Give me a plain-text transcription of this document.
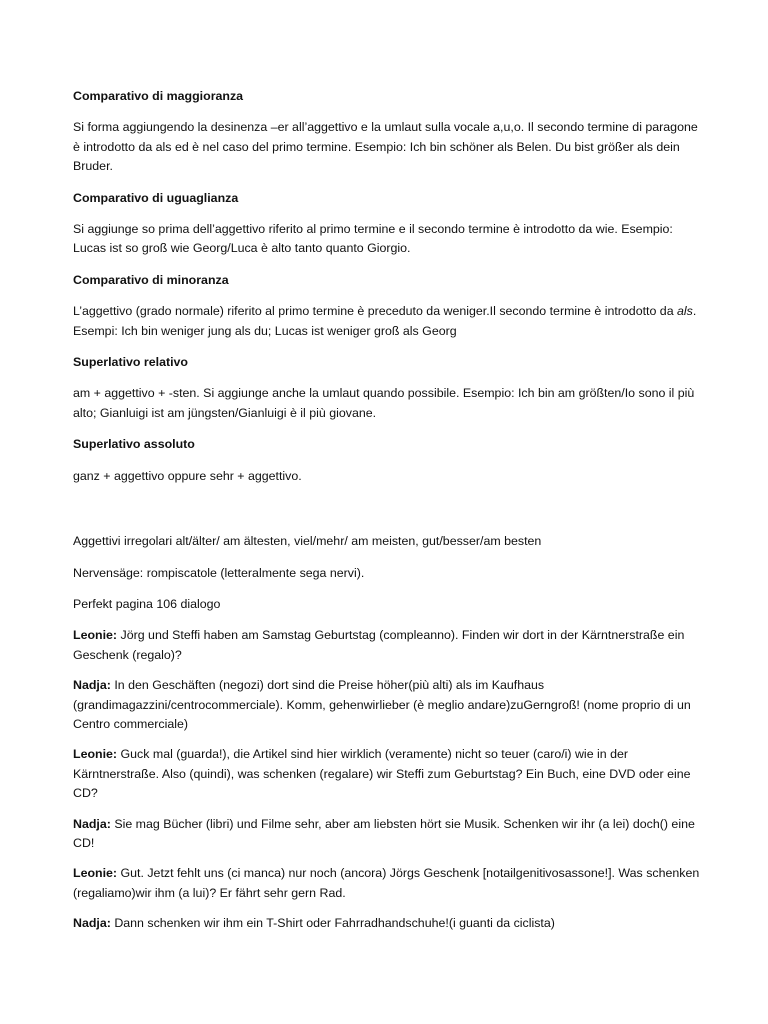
Comparativo di maggioranza
Si forma aggiungendo la desinenza –er all’aggettivo e la umlaut sulla vocale a,u,o. Il secondo termine di paragone è introdotto da als ed è nel caso del primo termine. Esempio: Ich bin schöner als Belen. Du bist größer als dein Bruder.
Comparativo di uguaglianza
Si aggiunge so prima dell’aggettivo riferito al primo termine e il secondo termine è introdotto da wie. Esempio: Lucas ist so groß wie Georg/Luca è alto tanto quanto Giorgio.
Comparativo di minoranza
L’aggettivo (grado normale) riferito al primo termine è preceduto da weniger.Il secondo termine è introdotto da als. Esempi: Ich bin weniger jung als du; Lucas ist weniger groß als Georg
Superlativo relativo
am + aggettivo + -sten. Si aggiunge anche la umlaut quando possibile. Esempio: Ich bin am größten/Io sono il più alto; Gianluigi ist am jüngsten/Gianluigi è il più giovane.
Superlativo assoluto
ganz + aggettivo oppure sehr + aggettivo.
Aggettivi irregolari alt/älter/ am ältesten, viel/mehr/ am meisten, gut/besser/am besten
Nervensäge: rompiscatole (letteralmente sega nervi).
Perfekt pagina 106 dialogo
Leonie: Jörg und Steffi haben am Samstag Geburtstag (compleanno). Finden wir dort in der Kärntnerstraße ein Geschenk (regalo)?
Nadja: In den Geschäften (negozi) dort sind die Preise höher(più alti) als im Kaufhaus (grandimagazzini/centrocommerciale). Komm, gehenwirlieber (è meglio andare)zuGerngroß! (nome proprio di un Centro commerciale)
Leonie: Guck mal (guarda!), die Artikel sind hier wirklich (veramente) nicht so teuer (caro/i) wie in der Kärntnerstraße. Also (quindi), was schenken (regalare) wir Steffi zum Geburtstag? Ein Buch, eine DVD oder eine CD?
Nadja: Sie mag Bücher (libri) und Filme sehr, aber am liebsten hört sie Musik. Schenken wir ihr (a lei) doch() eine CD!
Leonie: Gut. Jetzt fehlt uns (ci manca) nur noch (ancora) Jörgs Geschenk [notailgenitivosassone!]. Was schenken (regaliamo)wir ihm (a lui)? Er fährt sehr gern Rad.
Nadja: Dann schenken wir ihm ein T-Shirt oder Fahrradhandschuhe!(i guanti da ciclista)
